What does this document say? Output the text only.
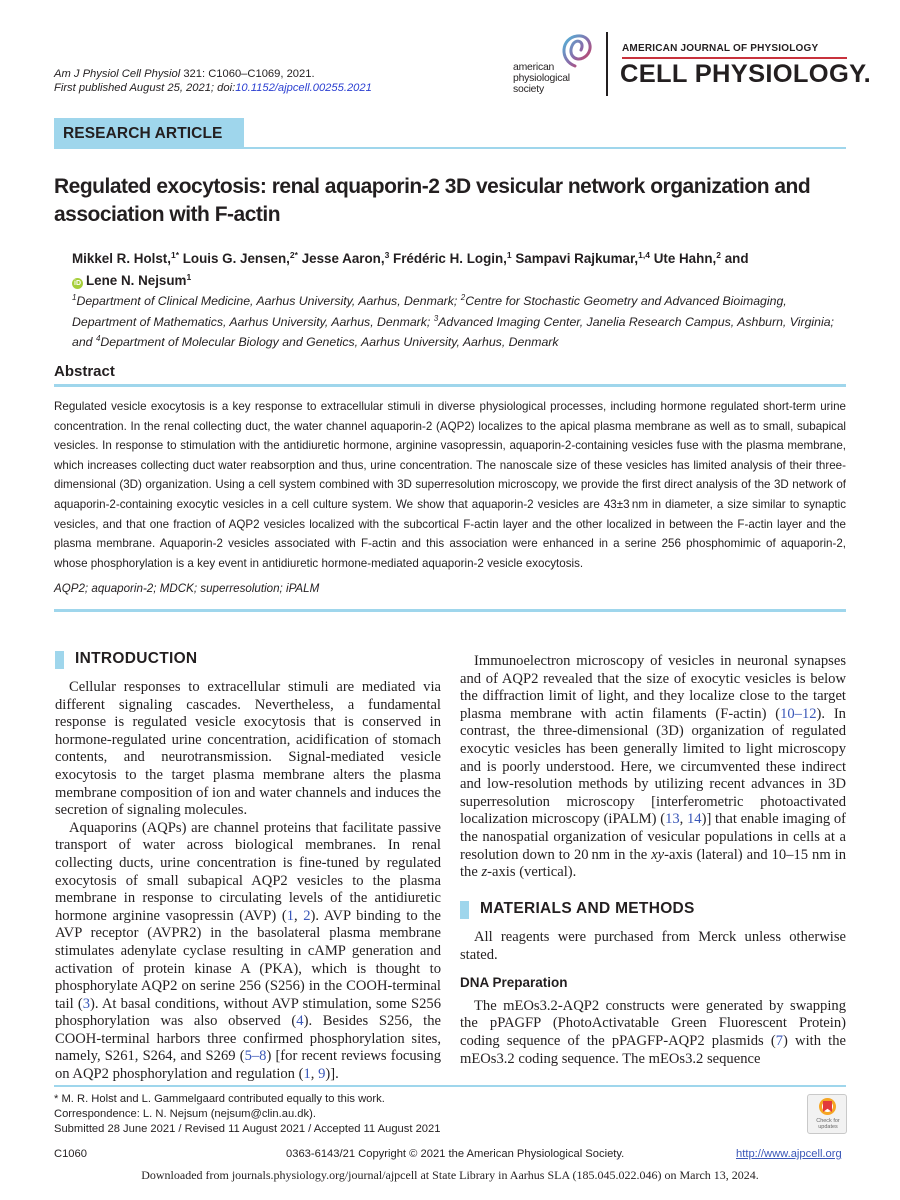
Am J Physiol Cell Physiol 321: C1060–C1069, 2021.
First published August 25, 2021; doi:10.1152/ajpcell.00255.2021
american
physiological
society
AMERICAN JOURNAL OF PHYSIOLOGY
CELL PHYSIOLOGY.
RESEARCH ARTICLE
Regulated exocytosis: renal aquaporin-2 3D vesicular network organization and association with F-actin
Mikkel R. Holst,$^{1*}$ Louis G. Jensen,$^{2*}$ Jesse Aaron,$^3$ Frédéric H. Login,$^1$ Sampavi Rajkumar,$^{1,4}$ Ute Hahn,$^2$ and
iD Lene N. Nejsum$^1$
$^1$Department of Clinical Medicine, Aarhus University, Aarhus, Denmark; $^2$Centre for Stochastic Geometry and Advanced Bioimaging, Department of Mathematics, Aarhus University, Aarhus, Denmark; $^3$Advanced Imaging Center, Janelia Research Campus, Ashburn, Virginia; and $^4$Department of Molecular Biology and Genetics, Aarhus University, Aarhus, Denmark
Abstract

Regulated vesicle exocytosis is a key response to extracellular stimuli in diverse physiological processes, including hormone regulated short-term urine concentration. In the renal collecting duct, the water channel aquaporin-2 (AQP2) localizes to the apical plasma membrane as well as to small, subapical vesicles. In response to stimulation with the antidiuretic hormone, arginine vasopressin, aquaporin-2-containing vesicles fuse with the plasma membrane, which increases collecting duct water reabsorption and thus, urine concentration. The nanoscale size of these vesicles has limited analysis of their three-dimensional (3D) organization. Using a cell system combined with 3D superresolution microscopy, we provide the first direct analysis of the 3D network of aquaporin-2-containing exocytic vesicles in a cell culture system. We show that aquaporin-2 vesicles are 43±3 nm in diameter, a size similar to synaptic vesicles, and that one fraction of AQP2 vesicles localized with the subcortical F-actin layer and the other localized in between the F-actin layer and the plasma membrane. Aquaporin-2 vesicles associated with F-actin and this association were enhanced in a serine 256 phosphomimic of aquaporin-2, whose phosphorylation is a key event in antidiuretic hormone-mediated aquaporin-2 vesicle exocytosis.

AQP2; aquaporin-2; MDCK; superresolution; iPALM
INTRODUCTION

Cellular responses to extracellular stimuli are mediated via different signaling cascades. Nevertheless, a fundamental response is regulated vesicle exocytosis that is conserved in hormone-regulated urine concentration, acidification of stomach contents, and neurotransmission. Signal-mediated vesicle exocytosis to the target plasma membrane alters the plasma membrane composition of ion and water channels and induces the secretion of signaling molecules.

Aquaporins (AQPs) are channel proteins that facilitate passive transport of water across biological membranes. In renal collecting ducts, urine concentration is fine-tuned by regulated exocytosis of small subapical AQP2 vesicles to the plasma membrane in response to circulating levels of the antidiuretic hormone arginine vasopressin (AVP) (1, 2). AVP binding to the AVP receptor (AVPR2) in the basolateral plasma membrane stimulates adenylate cyclase resulting in cAMP generation and activation of protein kinase A (PKA), which is thought to phosphorylate AQP2 on serine 256 (S256) in the COOH-terminal tail (3). At basal conditions, without AVP stimulation, some S256 phosphorylation was also observed (4). Besides S256, the COOH-terminal harbors three confirmed phosphorylation sites, namely, S261, S264, and S269 (5–8) [for recent reviews focusing on AQP2 phosphorylation and regulation (1, 9)].

Immunoelectron microscopy of vesicles in neuronal synapses and of AQP2 revealed that the size of exocytic vesicles is below the diffraction limit of light, and they localize close to the target plasma membrane with actin filaments (F-actin) (10–12). In contrast, the three-dimensional (3D) organization of regulated exocytic vesicles has been generally limited to light microscopy and is poorly understood. Here, we circumvented these indirect and low-resolution methods by utilizing recent advances in 3D superresolution microscopy [interferometric photoactivated localization microscopy (iPALM) (13, 14)] that enable imaging of the nanospatial organization of vesicular populations in cells at a resolution down to 20 nm in the xy-axis (lateral) and 10–15 nm in the z-axis (vertical).

MATERIALS AND METHODS

All reagents were purchased from Merck unless otherwise stated.

DNA Preparation

The mEOs3.2-AQP2 constructs were generated by swapping the pPAGFP (PhotoActivatable Green Fluorescent Protein) coding sequence of the pPAGFP-AQP2 plasmids (7) with the mEOs3.2 coding sequence. The mEOs3.2 sequence

* M. R. Holst and L. Gammelgaard contributed equally to this work.
Correspondence: L. N. Nejsum (nejsum@clin.au.dk).
Submitted 28 June 2021 / Revised 11 August 2021 / Accepted 11 August 2021
Check for updates
C1060	0363-6143/21 Copyright © 2021 the American Physiological Society.	http://www.ajpcell.org
Downloaded from journals.physiology.org/journal/ajpcell at State Library in Aarhus SLA (185.045.022.046) on March 13, 2024.
